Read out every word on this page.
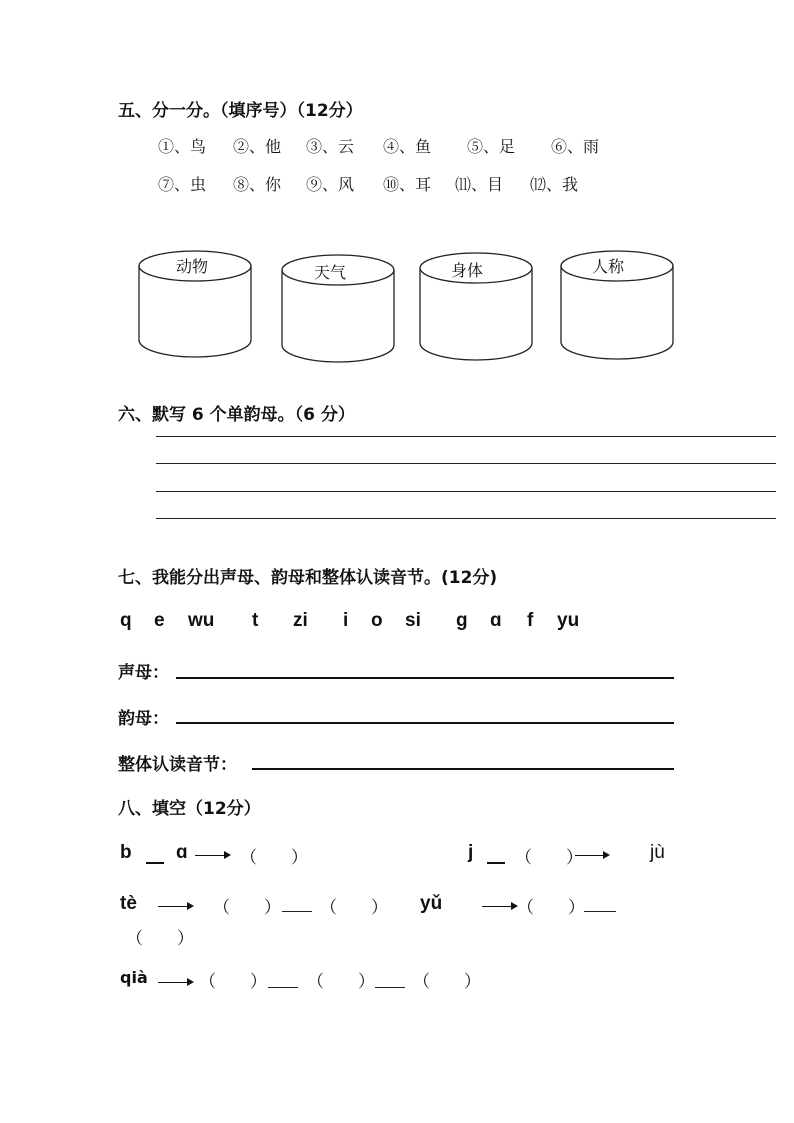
五、分一分。（填序号）（12分）
①、鸟 ②、他 ③、云 ④、鱼 ⑤、足 ⑥、雨
⑦、虫 ⑧、你 ⑨、风 ⑩、耳 ⑾、目 ⑿、我
动物	天气	身体	人称
六、默写 6 个单韵母。（6 分）
七、我能分出声母、韵母和整体认读音节。(12分)
q e wu t zi i o si ɡ ɑ f yu
声母：
韵母：
整体认读音节：
八、填空（12分）
b ɑ	（　　）	j （　　）	jù
tè	（　　） （　　） yǔ	（　　）
（　　）
qià	（　　） （　　） （　　）
